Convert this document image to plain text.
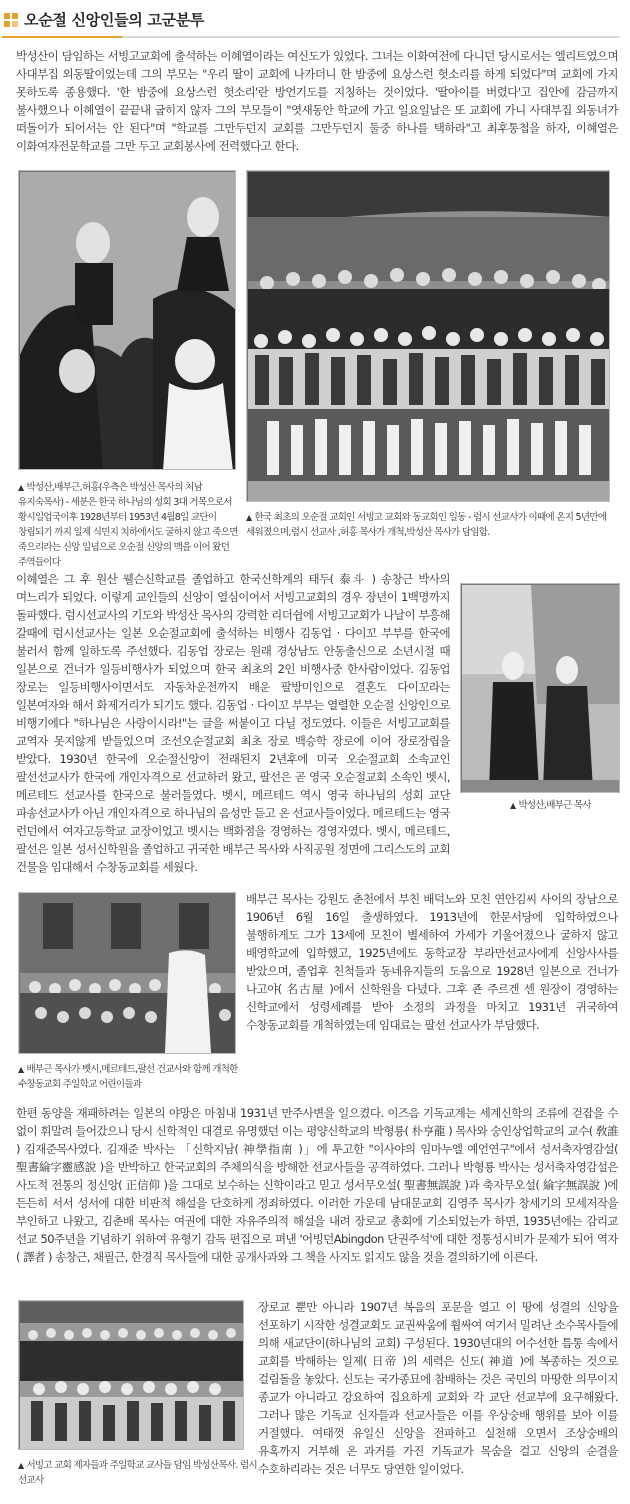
오순절 신앙인들의 고군분투

박성산이 담임하는 서빙고교회에 출석하는 이혜열이라는 여신도가 있었다. 그녀는 이화여전에 다니던 당시로서는 엘리트였으며 사대부집 외동딸이었는데 그의 부모는 "우리 딸이 교회에 나가더니 한 밤중에 요상스런 헛소리를 하게 되었다"며 교회에 가지 못하도록 종용했다. '한 밤중에 요상스런 헛소리'란 방언기도를 지칭하는 것이었다. '딸아이를 버렸다'고 집안에 감금까지 불사했으나 이혜열이 끝끝내 굽히지 않자 그의 부모들이 "엿새동안 학교에 가고 일요일날은 또 교회에 가니 사대부집 외동녀가 떠돌이가 되어서는 안 된다"며 "학교를 그만두던지 교회를 그만두던지 둘중 하나를 택하라"고 최후통첩을 하자, 이혜열은 이화여자전문학교를 그만 두고 교회봉사에 전력했다고 한다.

▲ 박성산,배부근,허홍(우측은 박성산 목사의 처남 유지숙목사) - 세분은 한국 하나님의 성회 3대 거목으로서 황시일업국이후 1928년부터 1953년 4월8일 교단이 창립되기 까지 일제 식민지 치하에서도 굴하지 않고 죽으면 죽으리라는 신앙 일념으로 오순절 신앙의 맥을 이어 왔던 주역들이다

▲ 한국 최초의 오순절 교회인 서빙고 교회와 동교회인 일동 - 럼시 선교사가 이때에 온지 5년만에 세워졌으며,럼시 선교사 ,허홍 목사가 개척,박성산 목사가 담임함.

이혜열은 그 후 원산 웰슨신학교를 졸업하고 한국신학계의 태두( 泰斗 ) 송창근 박사의 며느리가 되었다. 이렇게 교인들의 신앙이 열심이어서 서빙고교회의 경우 장년이 1백명까지 돌파했다. 럼시선교사의 기도와 박성산 목사의 강력한 리더쉽에 서빙고교회가 나날이 부흥해 갈때에 럼시선교사는 일본 오순절교회에 출석하는 비행사 김동업 · 다이꼬 부부를 한국에 불러서 함께 일하도록 주선했다. 김동업 장로는 원래 경상남도 안동출신으로 소년시절 때 일본으로 건너가 일등비행사가 되었으며 한국 최초의 2인 비행사중 한사람이었다. 김동업 장로는 일등비행사이면서도 자동차운전까지 배운 팔방미인으로 결혼도 다이꼬라는 일본여자와 해서 화제거리가 되기도 했다. 김동업 · 다이꼬 부부는 열렬한 오순절 신앙인으로 비행기에다 "하나님은 사랑이시라!"는 글을 써붙이고 다닐 정도였다. 이들은 서빙고교회를 교역자 못지않게 받들었으며 조선오순절교회 최초 장로 백승학 장로에 이어 장로장립을 받았다. 1930년 한국에 오순절신앙이 전래된지 2년후에 미국 오순절교회 소속교인 팔선선교사가 한국에 개인자격으로 선교하러 왔고, 팔선은 곧 영국 오순절교회 소속인 벳시, 메르테드 선교사를 한국으로 불러들였다. 벳시, 메르테드 역시 영국 하나님의 성회 교단 파송선교사가 아닌 개인자격으로 하나님의 음성만 듣고 온 선교사들이었다. 메르테드는 영국 런던에서 여자고등학교 교장이었고 벳시는 백화점을 경영하는 경영자였다. 벳시, 메르테드, 팔선은 일본 성서신학원을 졸업하고 귀국한 배부근 목사와 사직공원 정면에 그리스도의 교회 건물을 임대해서 수창동교회를 세웠다.

▲ 박성산,배부근 목사

▲ 배부근 목사가 벳시,메르테드,팔선 건교사와 함께 개척한 수창동교회 주일학교 어린이들과

배부근 목사는 강원도 춘천에서 부친 배덕노와 모친 연안김씨 사이의 장남으로 1906년 6월 16일 출생하였다. 1913년에 한문서당에 입학하였으나 불행하게도 그가 13세에 모친이 별세하여 가세가 기울어졌으나 굴하지 않고 배영학교에 입학했고, 1925년에도 동학교장 부라만선교사에게 신앙사사를 받았으며, 졸업후 친척들과 동네유지들의 도움으로 1928년 일본으로 건너가 나고야( 名古屋 )에서 신학원을 다녔다. 그후 죤 주르겐 센 원장이 경영하는 신학교에서 성령세례를 받아 소정의 과정을 마치고 1931년 귀국하여 수창동교회를 개척하였는데 임대료는 팔선 선교사가 부담했다.

한편 동양을 재패하려는 일본의 야망은 마침내 1931년 만주사변을 일으켰다. 이즈음 기독교계는 세계신학의 조류에 걷잡을 수 없이 휘말려 들어갔으니 당시 신학적인 대결로 유명했던 이는 평양신학교의 박형룡( 朴亨龍 ) 목사와 숭인상업학교의 교수( 敎誰 ) 김재준목사였다. 김재준 박사는 「신학지남( 神學指南 )」에 투고한 "이사야의 임마누엘 예언연구"에서 성서축자영감설( 聖書綸字靈感說 )을 반박하고 한국교회의 주체의식을 방해한 선교사들을 공격하였다. 그러나 박형룡 박사는 성서축자영감설은 사도적 전통의 정신앙( 正信仰 )을 그대로 보수하는 신학이라고 믿고 성서무오설( 聖書無誤說 )과 축자무오설( 綸字無誤說 )에 든든히 서서 성서에 대한 비판적 해설을 단호하게 정죄하였다. 이러한 가운데 남대문교회 김영주 목사가 창세기의 모세저작을 부인하고 나왔고, 김춘배 목사는 여권에 대한 자유주의적 해설을 내려 장로교 총회에 기소되었는가 하면, 1935년에는 감리교 선교 50주년을 기념하기 위하여 유형기 감독 편집으로 펴낸 '어빙던Abingdon 단권주석'에 대한 정통성시비가 문제가 되어 역자( 譯者 ) 송창근, 채필근, 한경직 목사들에 대한 공개사과와 그 책을 사지도 읽지도 않을 것을 결의하기에 이른다.

▲ 서빙고 교회 제자들과 주일학교 교사들 담임 박성산목사. 럼시 선교사

장로교 뿐만 아니라 1907년 복음의 포문을 열고 이 땅에 성결의 신앙을 선포하기 시작한 성결교회도 교권싸움에 휩싸여 여기서 밀려난 소수목사들에 의해 새교단이(하나님의 교회) 구성된다. 1930년대의 어수선한 틈통 속에서 교회를 박해하는 일제( 日帝 )의 세력은 신도( 神道 )에 복종하는 것으로 걸림돌을 놓았다. 신도는 국가종묘에 참배하는 것은 국민의 마땅한 의무이지 종교가 아니라고 강요하여 집요하게 교회와 각 교단 선교부에 요구해왔다. 그러나 많은 기독교 신자들과 선교사들은 이를 우상숭배 행위를 보아 이를 거절했다. 여태껏 유일신 신앙을 전파하고 실천해 오면서 조상숭배의 유혹까지 거부해 온 과거를 가진 기독교가 목숨을 걸고 신앙의 순결을 수호하리라는 것은 너무도 당연한 일이었다.
